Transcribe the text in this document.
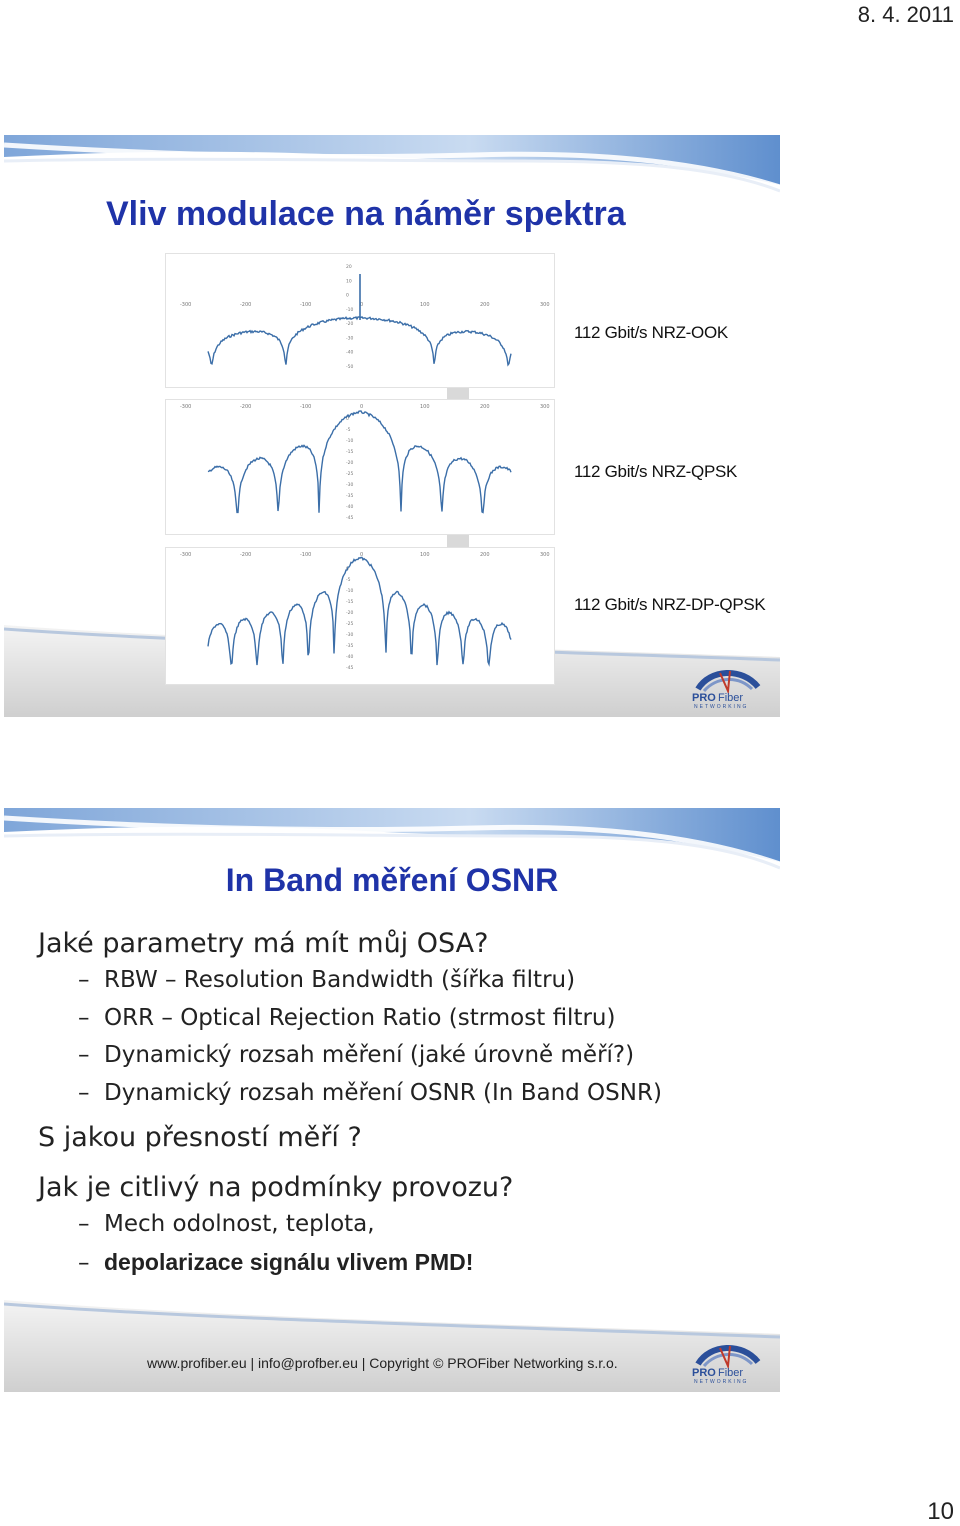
8. 4. 2011
Vliv modulace na náměr spektra
-300	-200	-100	0	100	200	300
20
10
0
-10
-20
-30
-40
-50
112 Gbit/s NRZ-OOK
-300	-200	-100	0	100	200	300
0
-5
-10
-15
-20
-25
-30
-35
-40
-45
112 Gbit/s NRZ-QPSK
-300	-200	-100	0	100	200	300
0
-5
-10
-15
-20
-25
-30
-35
-40
-45
112 Gbit/s NRZ-DP-QPSK
PRO Fiber
NETWORKING
In Band měření OSNR

Jaké parametry má mít můj OSA?

– RBW – Resolution Bandwidth (šířka filtru)

– ORR – Optical Rejection Ratio (strmost filtru)

– Dynamický rozsah měření (jaké úrovně měří?)

– Dynamický rozsah měření OSNR (In Band OSNR)

S jakou přesností měří ?

Jak je citlivý na podmínky provozu?

– Mech odolnost, teplota,

– depolarizace signálu vlivem PMD!

www.profiber.eu | info@profber.eu | Copyright © PROFiber Networking s.r.o.
PRO Fiber
NETWORKING
10
